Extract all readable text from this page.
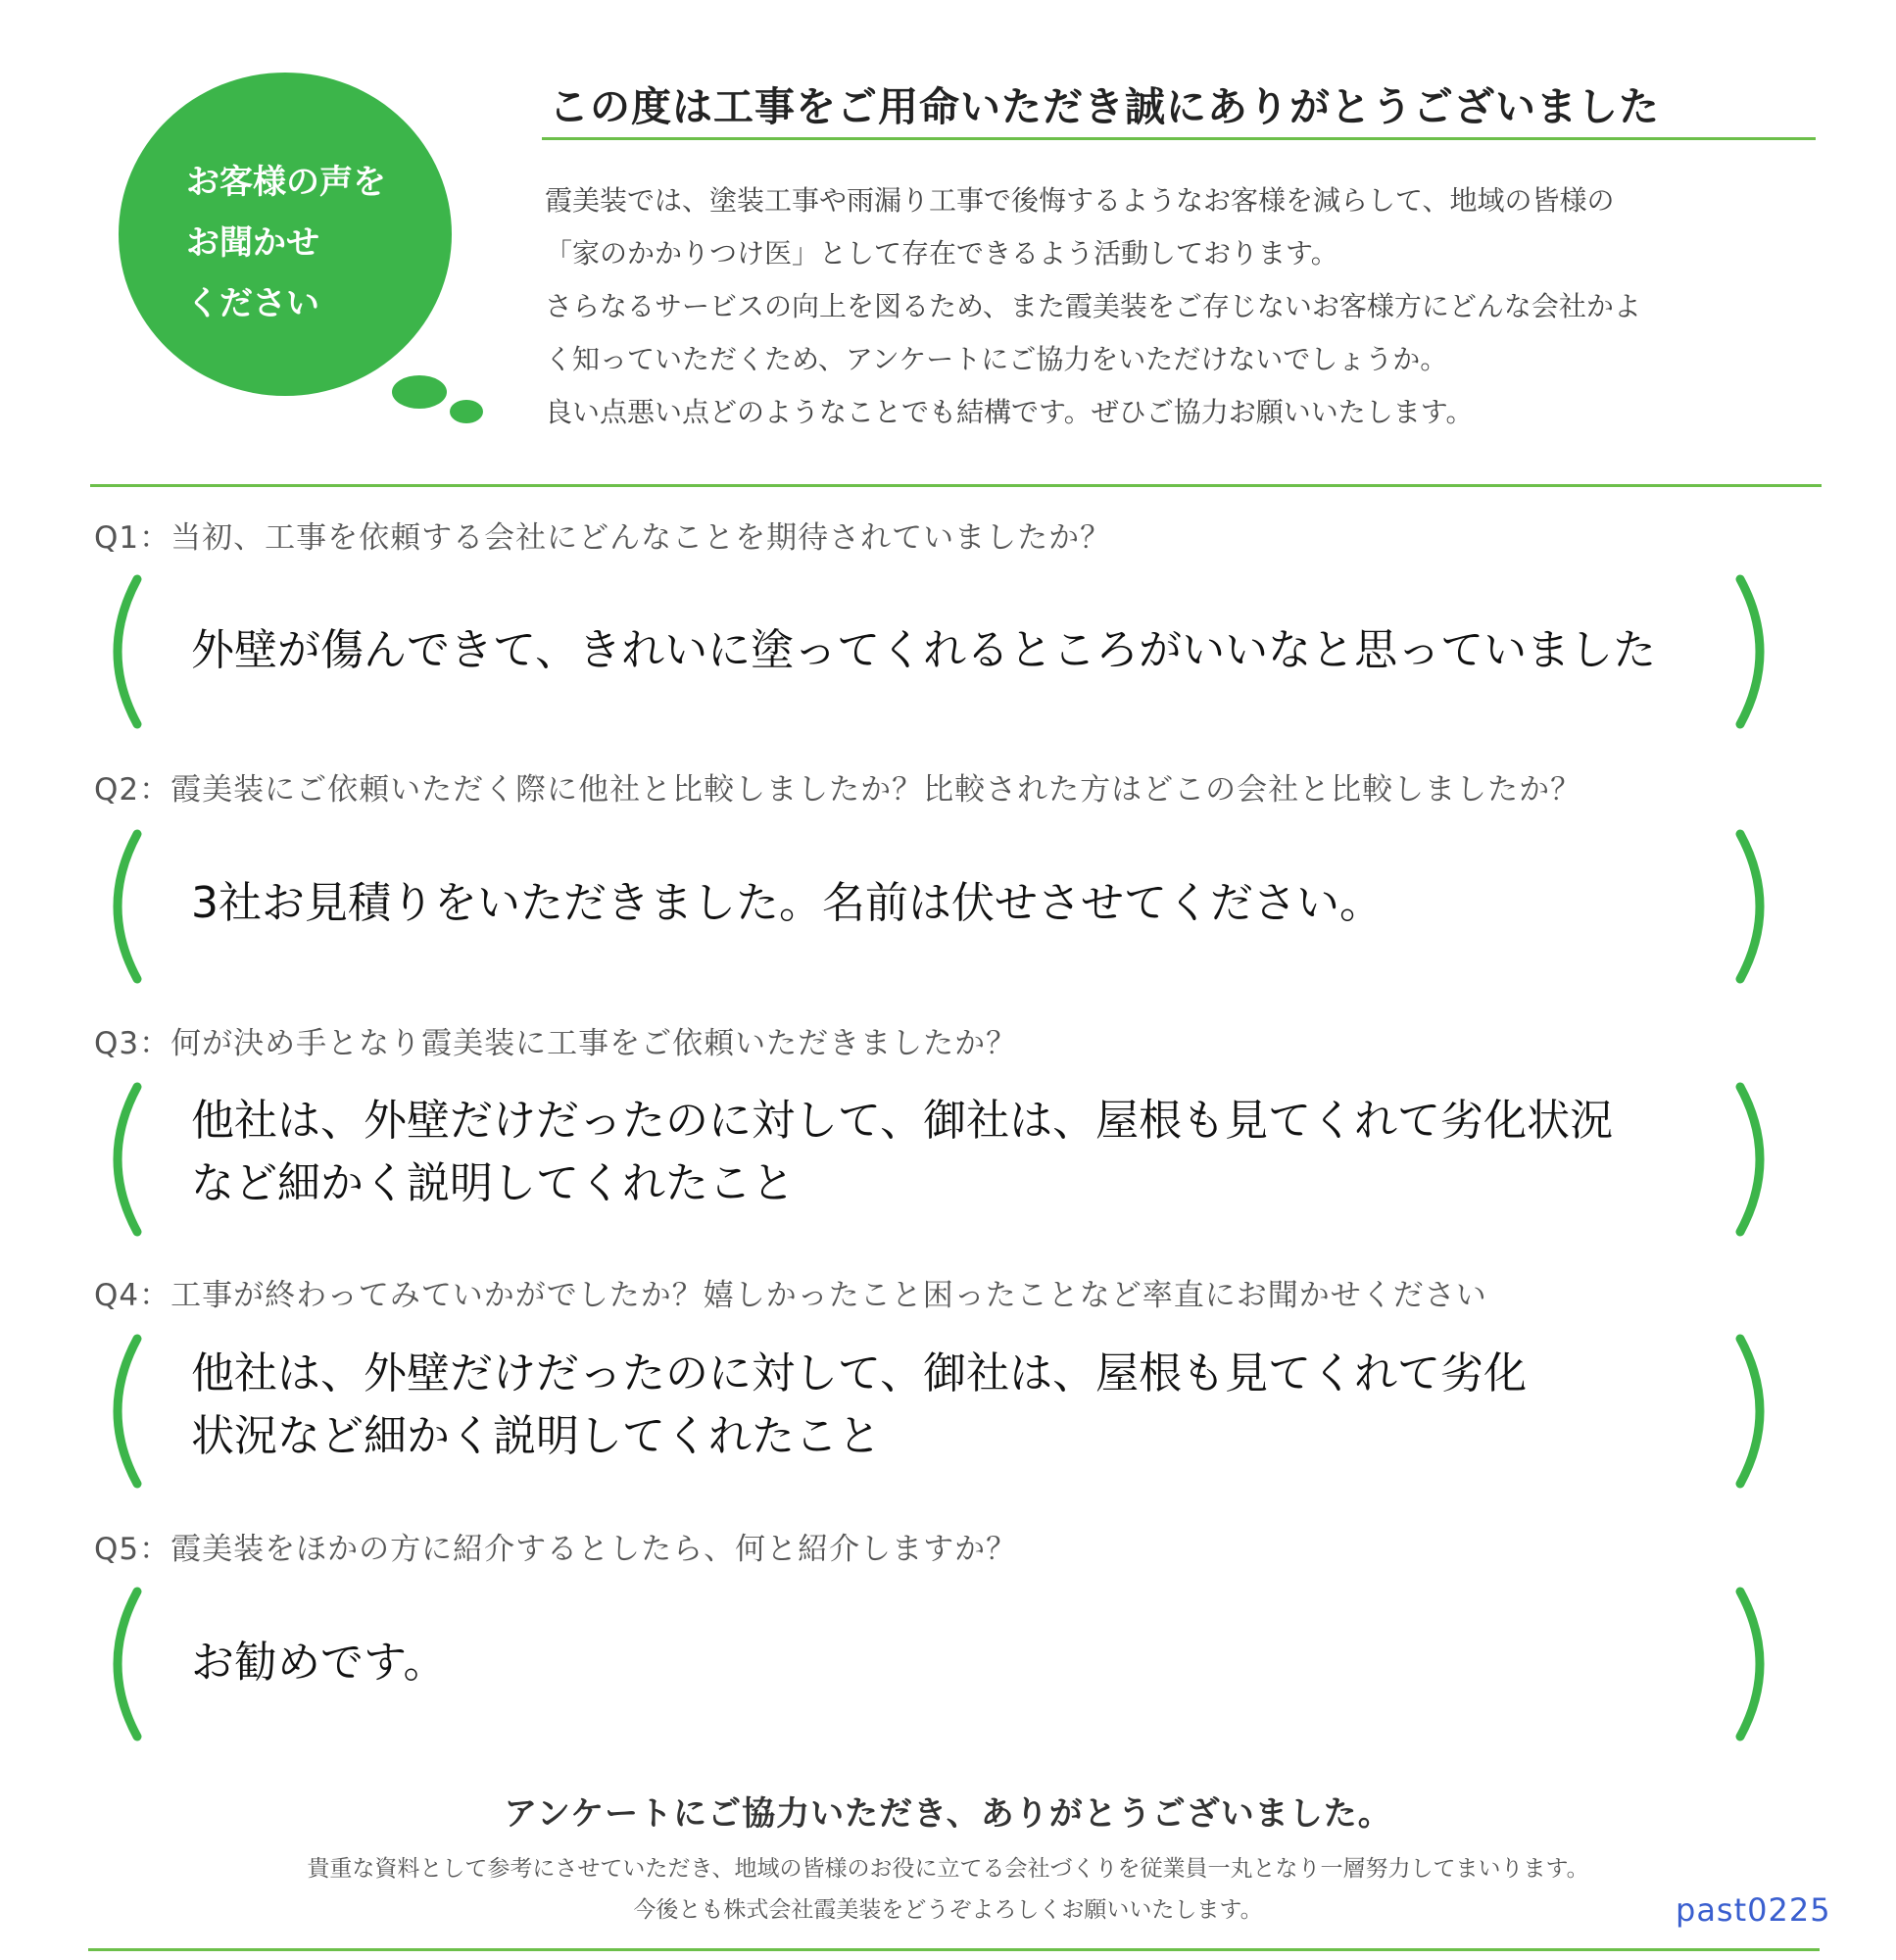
お客様の声を
お聞かせ
ください
この度は工事をご用命いただき誠にありがとうございました
霞美装では、塗装工事や雨漏り工事で後悔するようなお客様を減らして、地域の皆様の
「家のかかりつけ医」として存在できるよう活動しております。
さらなるサービスの向上を図るため、また霞美装をご存じないお客様方にどんな会社かよ
く知っていただくため、アンケートにご協力をいただけないでしょうか。
良い点悪い点どのようなことでも結構です。ぜひご協力お願いいたします。
Q1：当初、工事を依頼する会社にどんなことを期待されていましたか？
外壁が傷んできて、きれいに塗ってくれるところがいいなと思っていました
Q2：霞美装にご依頼いただく際に他社と比較しましたか？比較された方はどこの会社と比較しましたか？
3社お見積りをいただきました。名前は伏せさせてください。
Q3：何が決め手となり霞美装に工事をご依頼いただきましたか？
他社は、外壁だけだったのに対して、御社は、屋根も見てくれて劣化状況
など細かく説明してくれたこと
Q4：工事が終わってみていかがでしたか？嬉しかったこと困ったことなど率直にお聞かせください
他社は、外壁だけだったのに対して、御社は、屋根も見てくれて劣化
状況など細かく説明してくれたこと
Q5：霞美装をほかの方に紹介するとしたら、何と紹介しますか？
お勧めです。
アンケートにご協力いただき、ありがとうございました。
貴重な資料として参考にさせていただき、地域の皆様のお役に立てる会社づくりを従業員一丸となり一層努力してまいります。
今後とも株式会社霞美装をどうぞよろしくお願いいたします。	past0225
